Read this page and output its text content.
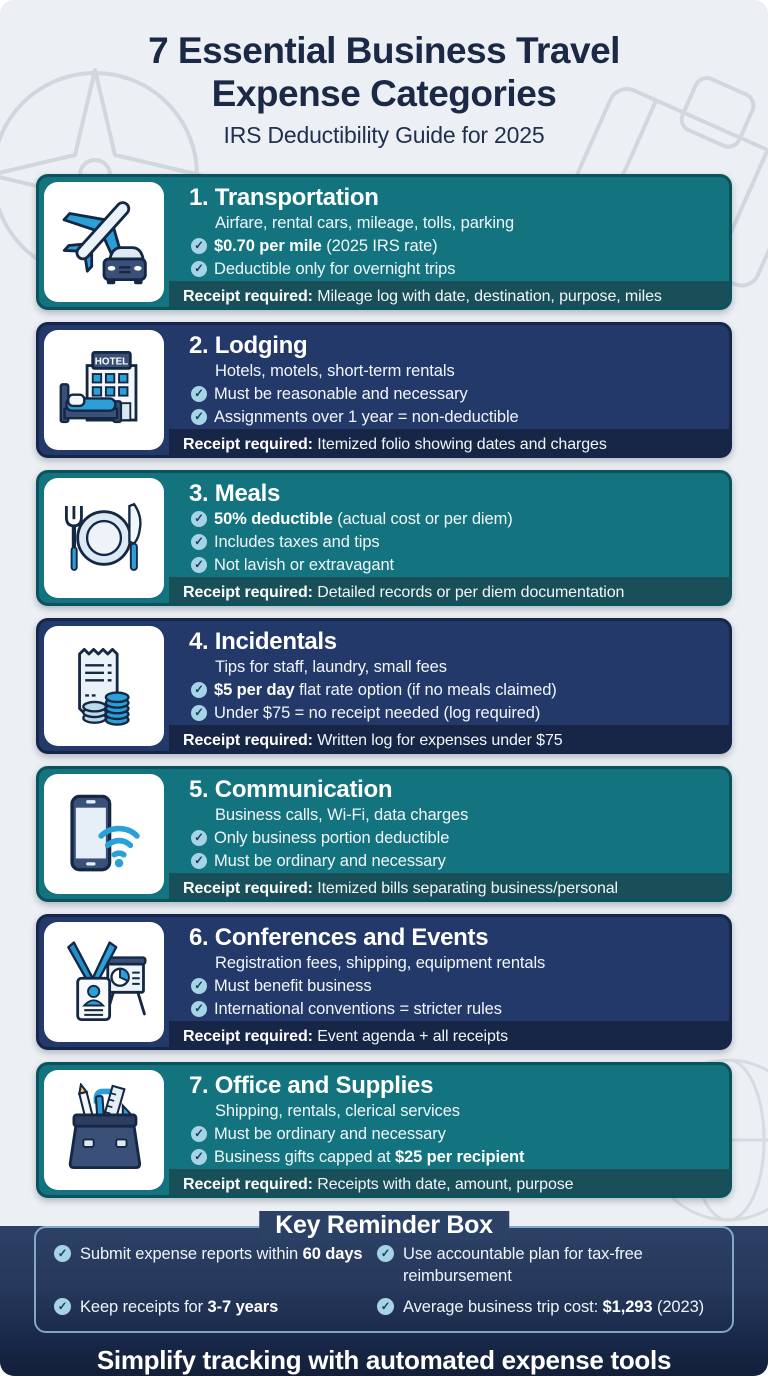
7 Essential Business Travel
Expense Categories
IRS Deductibility Guide for 2025
1. Transportation
Airfare, rental cars, mileage, tolls, parking
✓ $0.70 per mile (2025 IRS rate)
✓ Deductible only for overnight trips
Receipt required: Mileage log with date, destination, purpose, miles
HOTEL
2. Lodging
Hotels, motels, short-term rentals
✓ Must be reasonable and necessary
✓ Assignments over 1 year = non-deductible
Receipt required: Itemized folio showing dates and charges
3. Meals
✓ 50% deductible (actual cost or per diem)
✓ Includes taxes and tips
✓ Not lavish or extravagant
Receipt required: Detailed records or per diem documentation
4. Incidentals
Tips for staff, laundry, small fees
✓ $5 per day flat rate option (if no meals claimed)
✓ Under $75 = no receipt needed (log required)
Receipt required: Written log for expenses under $75
5. Communication
Business calls, Wi-Fi, data charges
✓ Only business portion deductible
✓ Must be ordinary and necessary
Receipt required: Itemized bills separating business/personal
6. Conferences and Events
Registration fees, shipping, equipment rentals
✓ Must benefit business
✓ International conventions = stricter rules
Receipt required: Event agenda + all receipts
7. Office and Supplies
Shipping, rentals, clerical services
✓ Must be ordinary and necessary
✓ Business gifts capped at $25 per recipient
Receipt required: Receipts with date, amount, purpose
Key Reminder Box
✓ Submit expense reports within 60 days	✓ Use accountable plan for tax-free reimbursement
✓ Keep receipts for 3-7 years	✓ Average business trip cost: $1,293 (2023)
Simplify tracking with automated expense tools
